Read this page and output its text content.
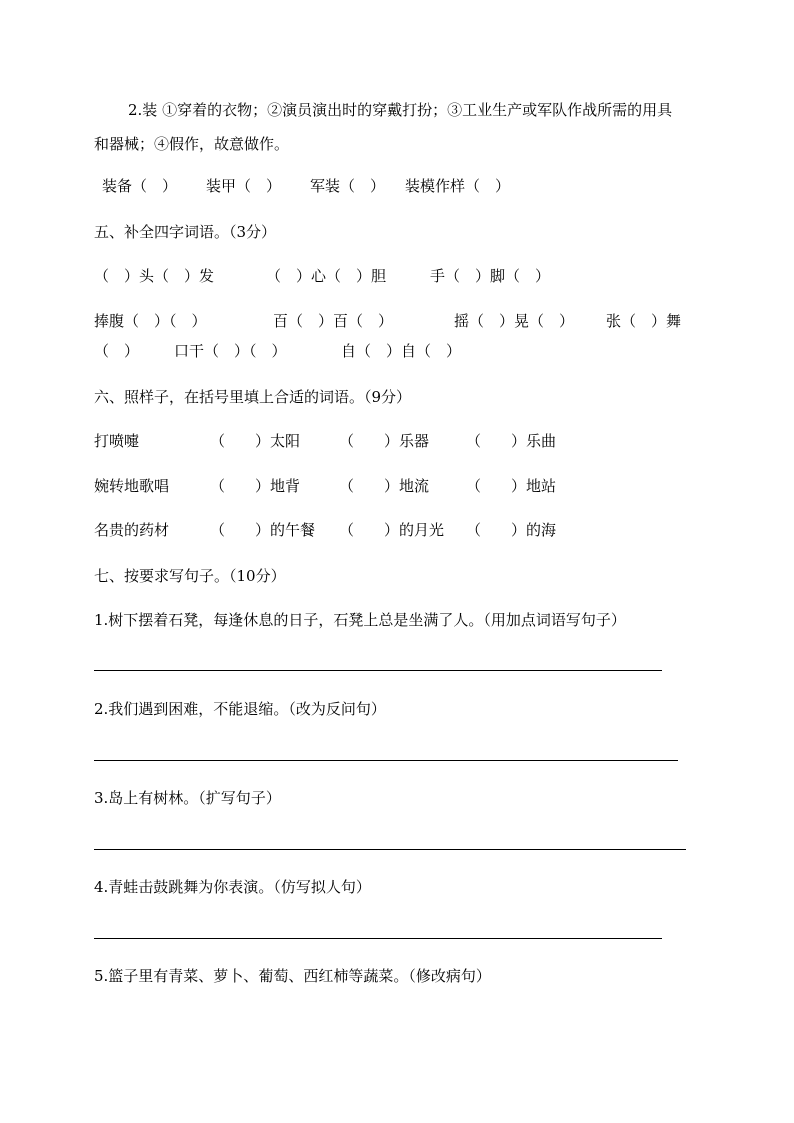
2.装 ①穿着的衣物；②演员演出时的穿戴打扮；③工业生产或军队作战所需的用具
和器械；④假作，故意做作。
装备（　） 装甲（　） 军装（　） 装模作样（　）
五、补全四字词语。（3分）
（　）头（　）发	（　）心（　）胆	手（　）脚（　）
捧腹（　）（　）	百（　）百（　）	摇（　）晃（　） 张（　）舞
（　） 口干（　）（　）	自（　）自（　）
六、照样子，在括号里填上合适的词语。（9分）
打喷嚏	（　　）太阳	（　　）乐器 （　　）乐曲
婉转地歌唱	（　　）地背	（　　）地流 （　　）地站
名贵的药材	（　　）的午餐 （　　）的月光 （　　）的海
七、按要求写句子。（10分）
1.树下摆着石凳，每逢休息的日子，石凳上总是坐满了人。（用加点词语写句子）
2.我们遇到困难，不能退缩。（改为反问句）
3.岛上有树林。（扩写句子）
4.青蛙击鼓跳舞为你表演。（仿写拟人句）
5.篮子里有青菜、萝卜、葡萄、西红柿等蔬菜。（修改病句）
